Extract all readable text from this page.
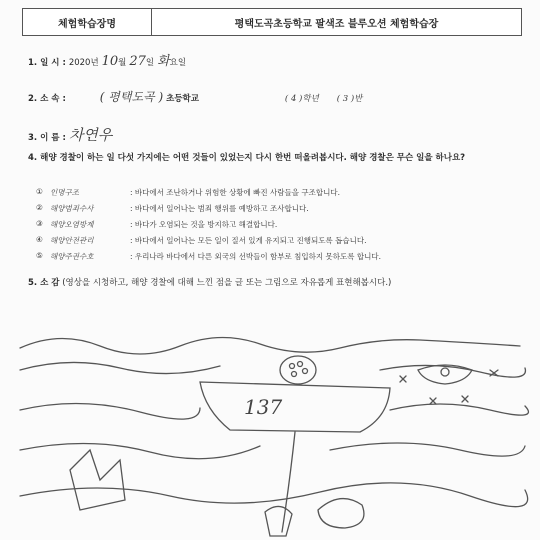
체험학습장명	평택도곡초등학교 팔색조 블루오션 체험학습장
1. 일 시 : 2020년 10월 27일 화요일
2. 소 속 :	( 평택도곡 ) 초등학교	( 4 )학년 ( 3 )반
3. 이 름 : 차연우
4. 해양 경찰이 하는 일 다섯 가지에는 어떤 것들이 있었는지 다시 한번 떠올려봅시다. 해양 경찰은 무슨 일을 하나요?
① 인명구조	: 바다에서 조난하거나 위험한 상황에 빠진 사람들을 구조합니다.
② 해양범죄수사	: 바다에서 일어나는 범죄 행위를 예방하고 조사합니다.
③ 해양오염방제	: 바다가 오염되는 것을 방지하고 해결합니다.
④ 해양안전관리	: 바다에서 일어나는 모든 일이 질서 있게 유지되고 진행되도록 돕습니다.
⑤ 해양주권수호	: 우리나라 바다에서 다른 외국의 선박들이 함부로 침입하지 못하도록 합니다.
5. 소 감 (영상을 시청하고, 해양 경찰에 대해 느낀 점을 글 또는 그림으로 자유롭게 표현해봅시다.)
137
